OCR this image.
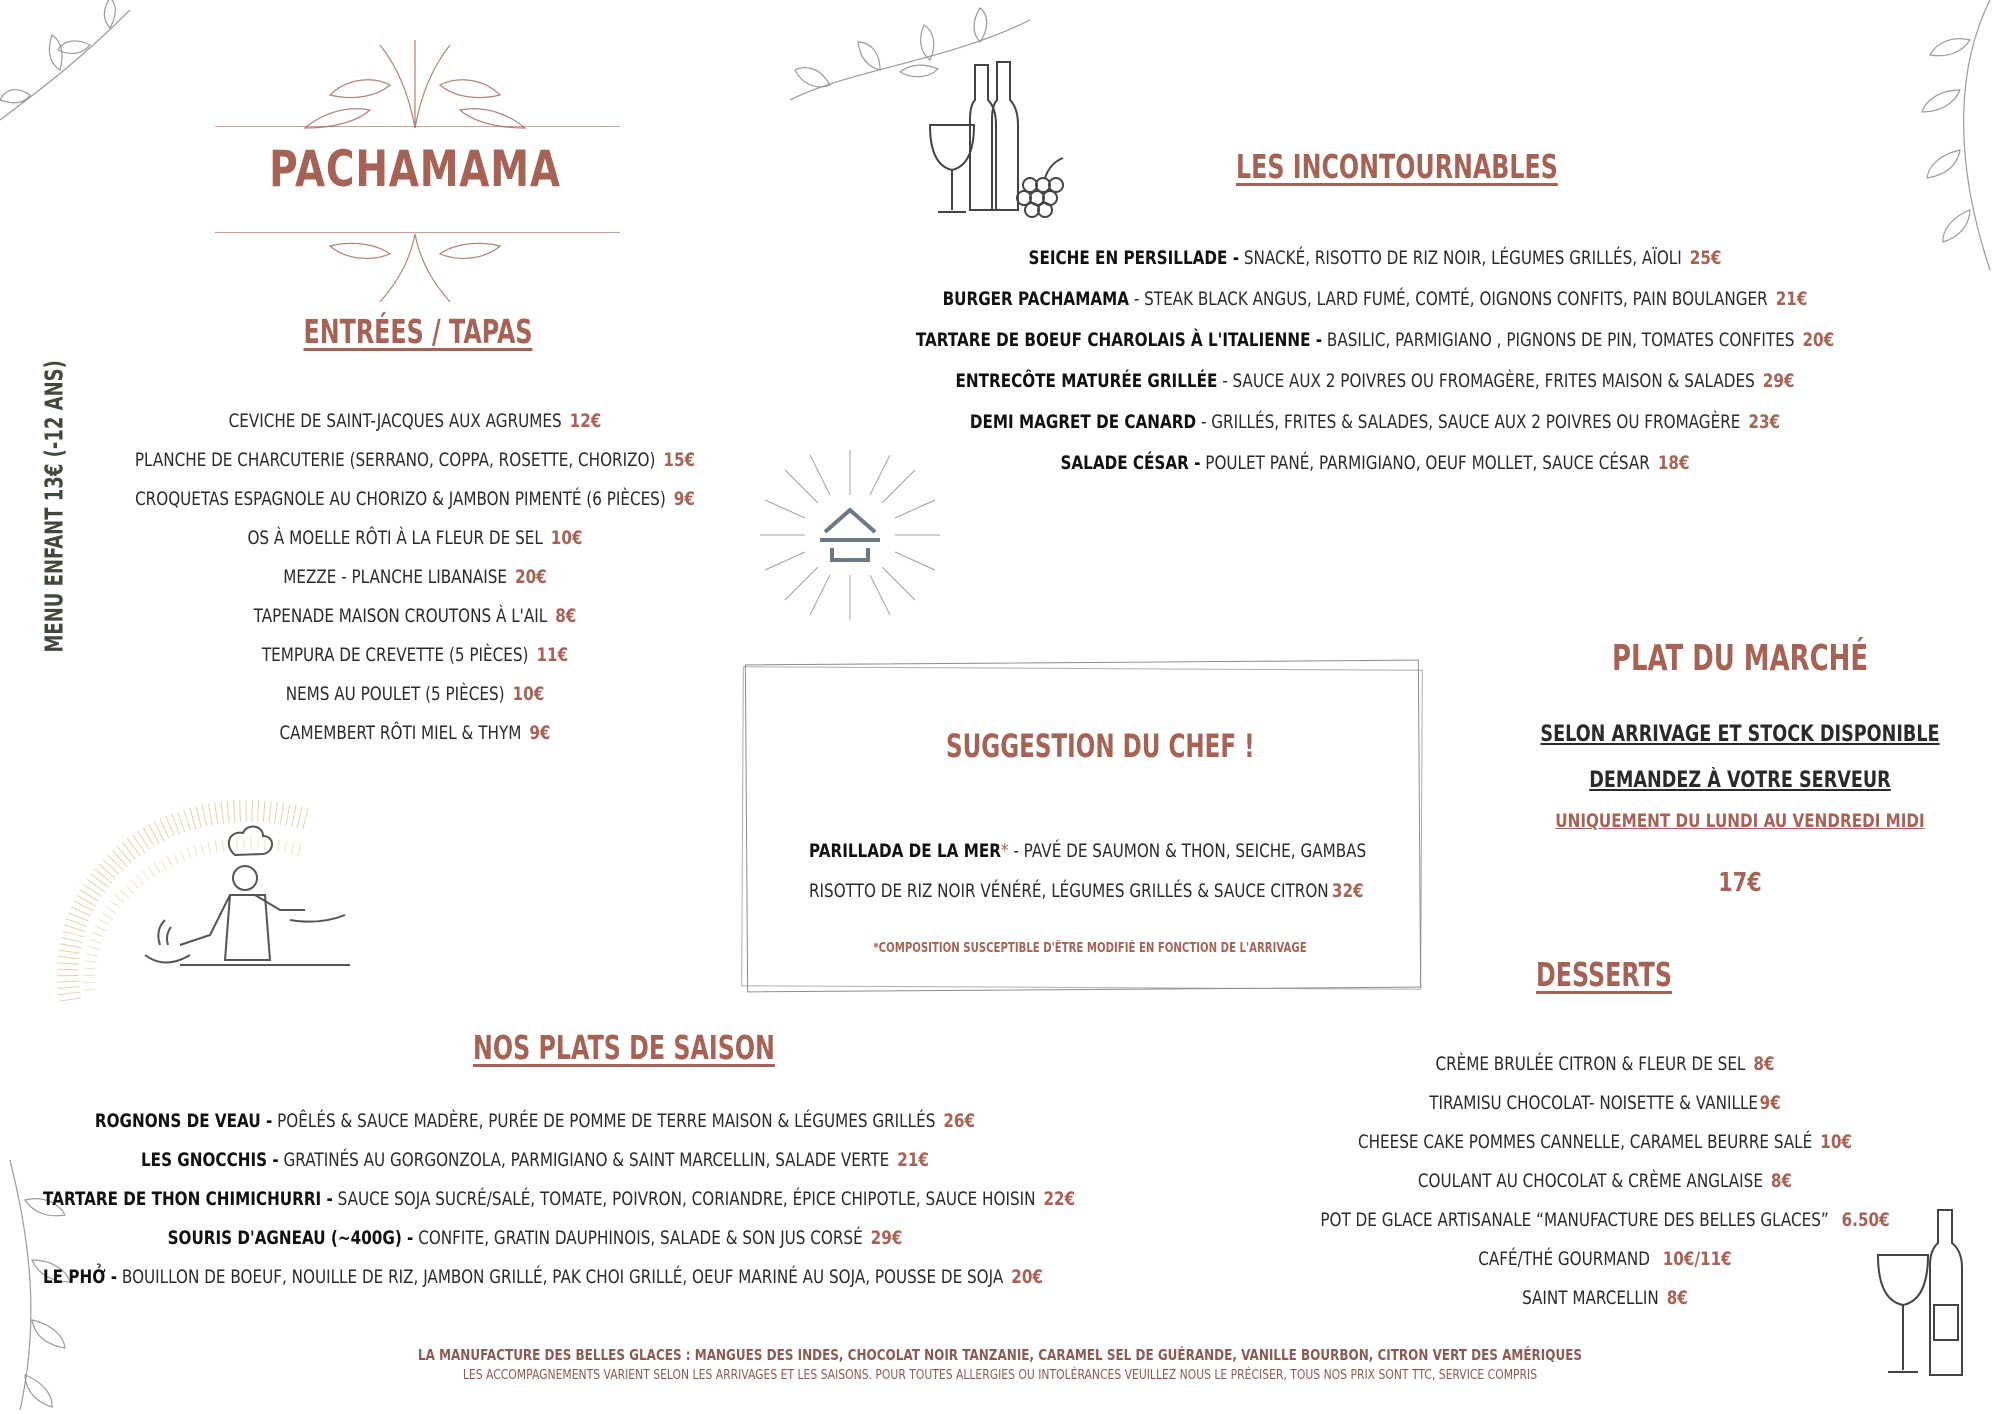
PACHAMAMA
MENU ENFANT 13€ (-12 ANS)
ENTRÉES / TAPAS
CEVICHE DE SAINT-JACQUES AUX AGRUMES 12€
PLANCHE DE CHARCUTERIE (SERRANO, COPPA, ROSETTE, CHORIZO) 15€
CROQUETAS ESPAGNOLE AU CHORIZO & JAMBON PIMENTÉ (6 PIÈCES) 9€
OS À MOELLE RÔTI À LA FLEUR DE SEL 10€
MEZZE - PLANCHE LIBANAISE 20€
TAPENADE MAISON CROUTONS À L'AIL 8€
TEMPURA DE CREVETTE (5 PIÈCES) 11€
NEMS AU POULET (5 PIÈCES) 10€
CAMEMBERT RÔTI MIEL & THYM 9€
NOS PLATS DE SAISON
ROGNONS DE VEAU - POÊLÉS & SAUCE MADÈRE, PURÉE DE POMME DE TERRE MAISON & LÉGUMES GRILLÉS 26€
LES GNOCCHIS - GRATINÉS AU GORGONZOLA, PARMIGIANO & SAINT MARCELLIN, SALADE VERTE 21€
TARTARE DE THON CHIMICHURRI - SAUCE SOJA SUCRÉ/SALÉ, TOMATE, POIVRON, CORIANDRE, ÉPICE CHIPOTLE, SAUCE HOISIN 22€
SOURIS D'AGNEAU (~400G) - CONFITE, GRATIN DAUPHINOIS, SALADE & SON JUS CORSÉ 29€
LE PHỞ - BOUILLON DE BOEUF, NOUILLE DE RIZ, JAMBON GRILLÉ, PAK CHOI GRILLÉ, OEUF MARINÉ AU SOJA, POUSSE DE SOJA 20€
LES INCONTOURNABLES
SEICHE EN PERSILLADE - SNACKÉ, RISOTTO DE RIZ NOIR, LÉGUMES GRILLÉS, AÏOLI 25€
BURGER PACHAMAMA - STEAK BLACK ANGUS, LARD FUMÉ, COMTÉ, OIGNONS CONFITS, PAIN BOULANGER 21€
TARTARE DE BOEUF CHAROLAIS À L'ITALIENNE - BASILIC, PARMIGIANO , PIGNONS DE PIN, TOMATES CONFITES 20€
ENTRECÔTE MATURÉE GRILLÉE - SAUCE AUX 2 POIVRES OU FROMAGÈRE, FRITES MAISON & SALADES 29€
DEMI MAGRET DE CANARD - GRILLÉS, FRITES & SALADES, SAUCE AUX 2 POIVRES OU FROMAGÈRE 23€
SALADE CÉSAR - POULET PANÉ, PARMIGIANO, OEUF MOLLET, SAUCE CÉSAR 18€
SUGGESTION DU CHEF !
PARILLADA DE LA MER* - PAVÉ DE SAUMON & THON, SEICHE, GAMBAS
RISOTTO DE RIZ NOIR VÉNÉRÉ, LÉGUMES GRILLÉS & SAUCE CITRON 32€
*COMPOSITION SUSCEPTIBLE D'ÊTRE MODIFIÉ EN FONCTION DE L'ARRIVAGE
PLAT DU MARCHÉ
SELON ARRIVAGE ET STOCK DISPONIBLE
DEMANDEZ À VOTRE SERVEUR
UNIQUEMENT DU LUNDI AU VENDREDI MIDI
17€
DESSERTS
CRÈME BRULÉE CITRON & FLEUR DE SEL 8€
TIRAMISU CHOCOLAT- NOISETTE & VANILLE9€
CHEESE CAKE POMMES CANNELLE, CARAMEL BEURRE SALÉ 10€
COULANT AU CHOCOLAT & CRÈME ANGLAISE 8€
POT DE GLACE ARTISANALE “MANUFACTURE DES BELLES GLACES” 6.50€
CAFÉ/THÉ GOURMAND 10€/11€
SAINT MARCELLIN 8€
LA MANUFACTURE DES BELLES GLACES : MANGUES DES INDES, CHOCOLAT NOIR TANZANIE, CARAMEL SEL DE GUÉRANDE, VANILLE BOURBON, CITRON VERT DES AMÉRIQUES
LES ACCOMPAGNEMENTS VARIENT SELON LES ARRIVAGES ET LES SAISONS. POUR TOUTES ALLERGIES OU INTOLÉRANCES VEUILLEZ NOUS LE PRÉCISER, TOUS NOS PRIX SONT TTC, SERVICE COMPRIS
